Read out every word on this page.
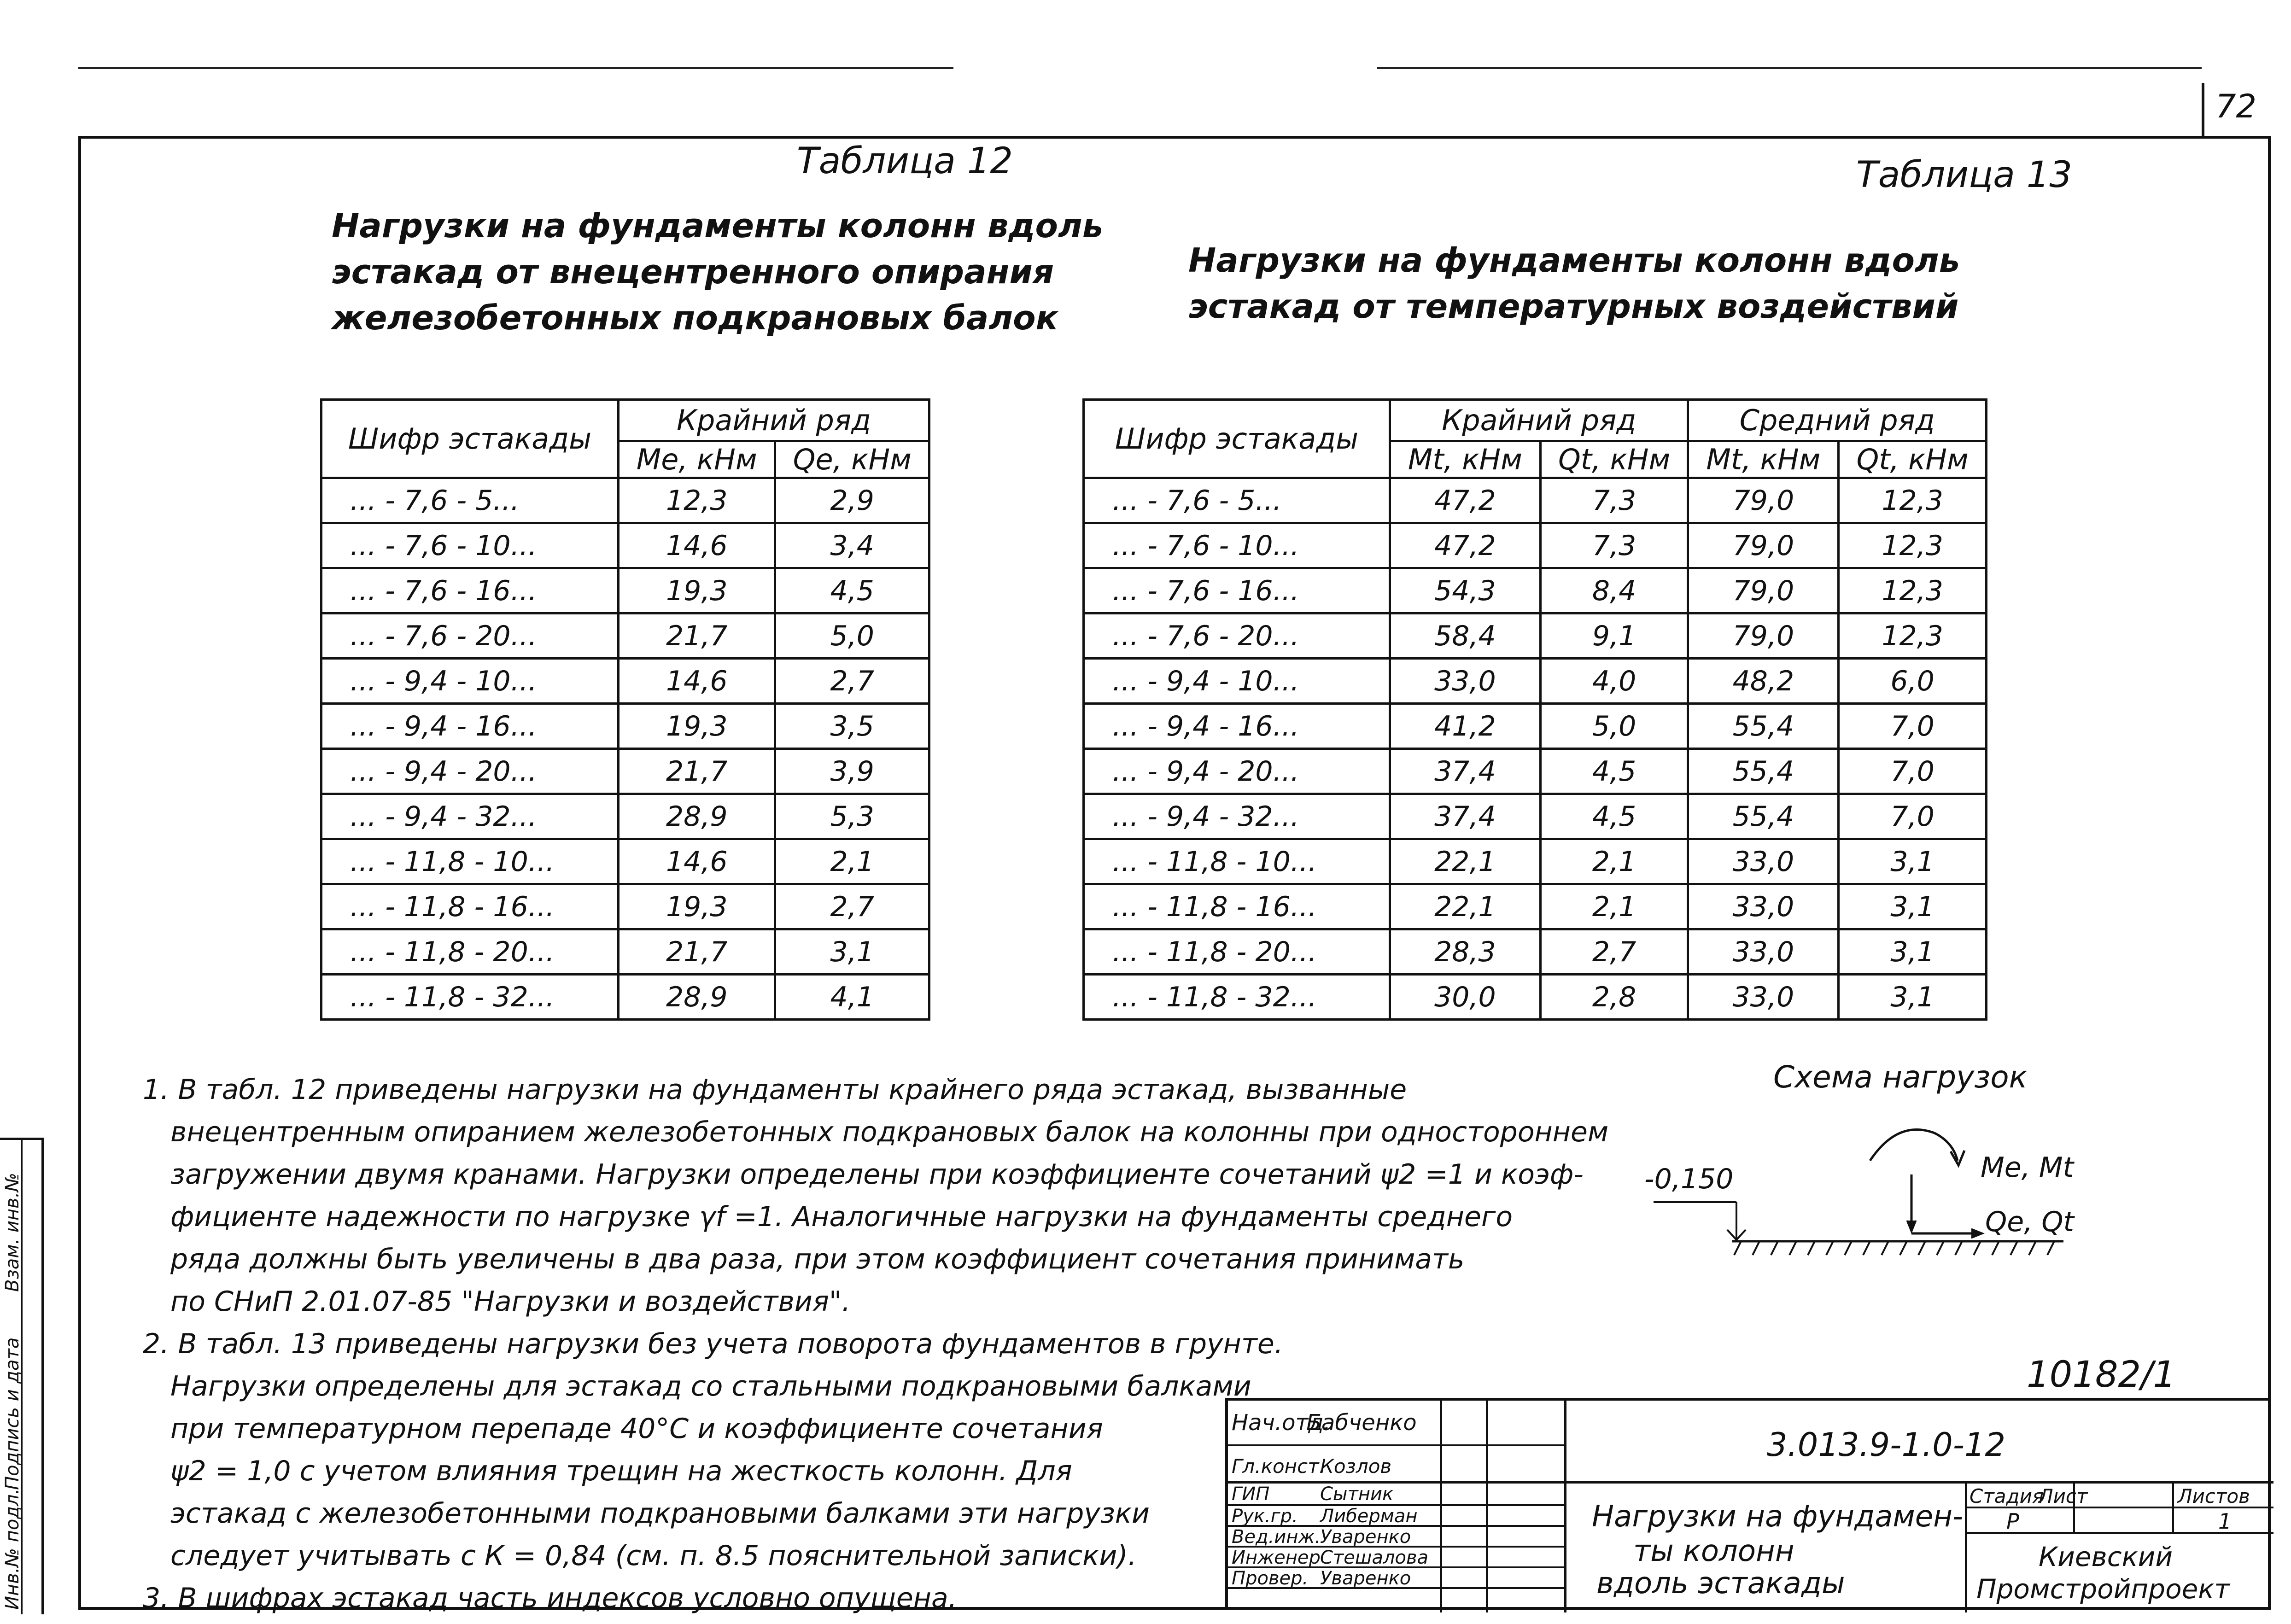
72
Таблица 12
Нагрузки на фундаменты колонн вдоль
эстакад от внецентренного опирания
железобетонных подкрановых балок
Таблица 13
Нагрузки на фундаменты колонн вдоль
эстакад от температурных воздействий
Шифр эстакады	Крайний ряд	
	Me, кНм	Qe, кНм
... - 7,6 - 5...	12,3	2,9
... - 7,6 - 10...	14,6	3,4
... - 7,6 - 16...	19,3	4,5
... - 7,6 - 20...	21,7	5,0
... - 9,4 - 10...	14,6	2,7
... - 9,4 - 16...	19,3	3,5
... - 9,4 - 20...	21,7	3,9
... - 9,4 - 32...	28,9	5,3
... - 11,8 - 10...	14,6	2,1
... - 11,8 - 16...	19,3	2,7
... - 11,8 - 20...	21,7	3,1
... - 11,8 - 32...	28,9	4,1
Шифр эстакады	Крайний ряд		Средний ряд	
	Mt, кНм	Qt, кНм	Mt, кНм	Qt, кНм
... - 7,6 - 5...	47,2	7,3	79,0	12,3
... - 7,6 - 10...	47,2	7,3	79,0	12,3
... - 7,6 - 16...	54,3	8,4	79,0	12,3
... - 7,6 - 20...	58,4	9,1	79,0	12,3
... - 9,4 - 10...	33,0	4,0	48,2	6,0
... - 9,4 - 16...	41,2	5,0	55,4	7,0
... - 9,4 - 20...	37,4	4,5	55,4	7,0
... - 9,4 - 32...	37,4	4,5	55,4	7,0
... - 11,8 - 10...	22,1	2,1	33,0	3,1
... - 11,8 - 16...	22,1	2,1	33,0	3,1
... - 11,8 - 20...	28,3	2,7	33,0	3,1
... - 11,8 - 32...	30,0	2,8	33,0	3,1
1. В табл. 12 приведены нагрузки на фундаменты крайнего ряда эстакад, вызванные
внецентренным опиранием железобетонных подкрановых балок на колонны при одностороннем
загружении двумя кранами. Нагрузки определены при коэффициенте сочетаний ψ2 =1 и коэф-
фициенте надежности по нагрузке γf =1. Аналогичные нагрузки на фундаменты среднего
ряда должны быть увеличены в два раза, при этом коэффициент сочетания принимать
по СНиП 2.01.07-85 "Нагрузки и воздействия".
2. В табл. 13 приведены нагрузки без учета поворота фундаментов в грунте.
Нагрузки определены для эстакад со стальными подкрановыми балками
при температурном перепаде 40°С и коэффициенте сочетания
ψ2 = 1,0 с учетом влияния трещин на жесткость колонн. Для
эстакад с железобетонными подкрановыми балками эти нагрузки
следует учитывать с К = 0,84 (см. п. 8.5 пояснительной записки).
3. В шифрах эстакад часть индексов условно опущена.
Схема нагрузок
-0,150	Me, Mt
Qe, Qt
10182/1
Нач.отд.
Бабченко
Гл.конст.
Козлов
ГИП	Сытник
Рук.гр. Либерман
Вед.инж.
Уваренко
Инженер Стешалова
Провер. Уваренко
3.013.9-1.0-12
Нагрузки на фундамен-
ты колонн
вдоль эстакады
Стадия
Лист	Листов
Р	1
Киевский
Промстройпроект
Инв.№ подл.
Подпись и дата
Взам. инв.№
